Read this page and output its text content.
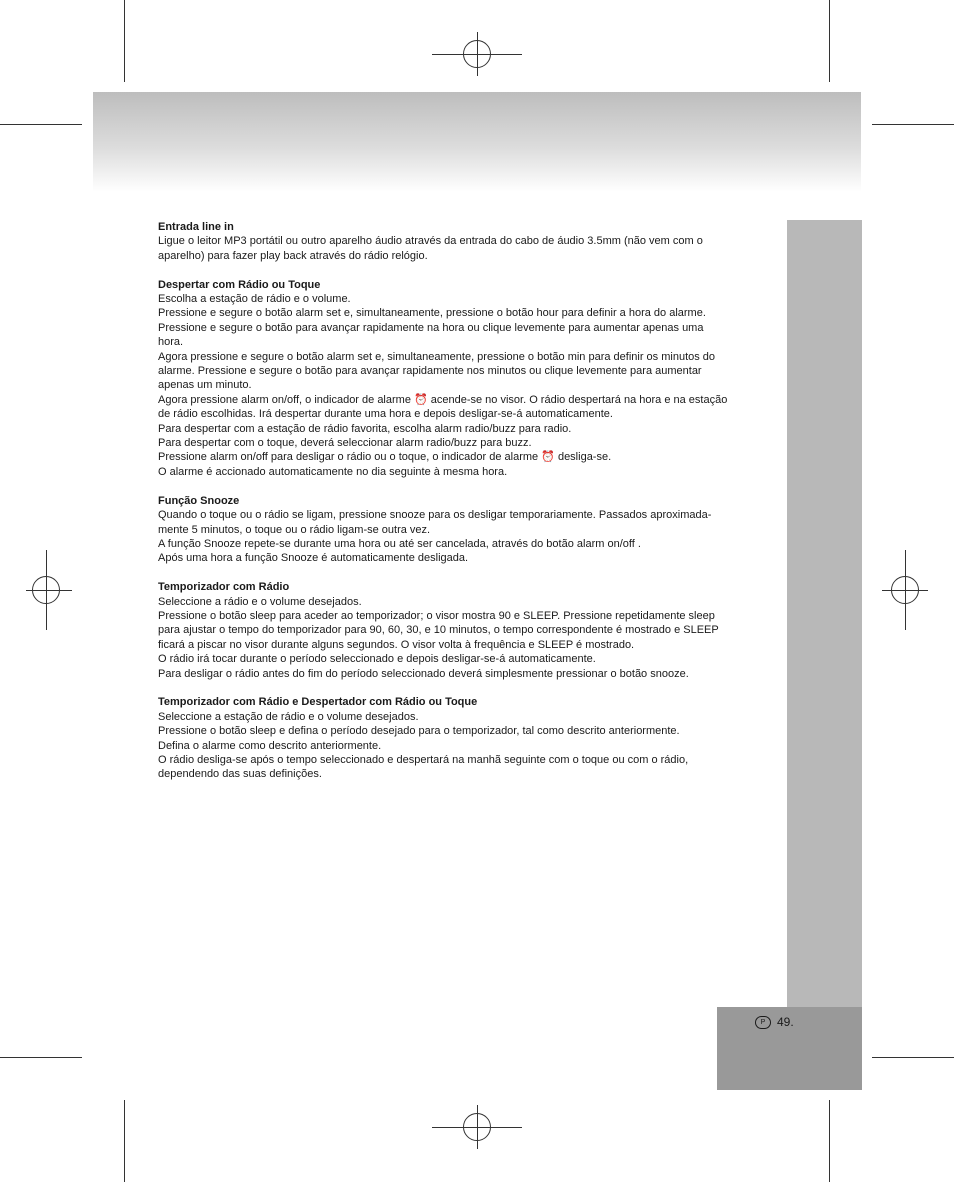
Entrada line in

Ligue o leitor MP3 portátil ou outro aparelho áudio através da entrada do cabo de áudio 3.5mm (não vem com o

aparelho) para fazer play back através do rádio relógio.

Despertar com Rádio ou Toque

Escolha a estação de rádio e o volume.

Pressione e segure o botão alarm set e, simultaneamente, pressione o botão hour para definir a hora do alarme.

Pressione e segure o botão para avançar rapidamente na hora ou clique levemente para aumentar apenas uma

hora.

Agora pressione e segure o botão alarm set e, simultaneamente, pressione o botão min para definir os minutos do

alarme. Pressione e segure o botão para avançar rapidamente nos minutos ou clique levemente para aumentar

apenas um minuto.

Agora pressione alarm on/off, o indicador de alarme ⏰ acende-se no visor. O rádio despertará na hora e na estação

de rádio escolhidas. Irá despertar durante uma hora e depois desligar-se-á automaticamente.

Para despertar com a estação de rádio favorita, escolha alarm radio/buzz para radio.

Para despertar com o toque, deverá seleccionar alarm radio/buzz para buzz.

Pressione alarm on/off para desligar o rádio ou o toque, o indicador de alarme ⏰ desliga-se.

O alarme é accionado automaticamente no dia seguinte à mesma hora.

Função Snooze

Quando o toque ou o rádio se ligam, pressione snooze para os desligar temporariamente. Passados aproximada-

mente 5 minutos, o toque ou o rádio ligam-se outra vez.

A função Snooze repete-se durante uma hora ou até ser cancelada, através do botão alarm on/off .

Após uma hora a função Snooze é automaticamente desligada.

Temporizador com Rádio

Seleccione a rádio e o volume desejados.

Pressione o botão sleep para aceder ao temporizador; o visor mostra 90 e SLEEP. Pressione repetidamente sleep

para ajustar o tempo do temporizador para 90, 60, 30, e 10 minutos, o tempo correspondente é mostrado e SLEEP

ficará a piscar no visor durante alguns segundos. O visor volta à frequência e SLEEP é mostrado.

O rádio irá tocar durante o período seleccionado e depois desligar-se-á automaticamente.

Para desligar o rádio antes do fim do período seleccionado deverá simplesmente pressionar o botão snooze.

Temporizador com Rádio e Despertador com Rádio ou Toque

Seleccione a estação de rádio e o volume desejados.

Pressione o botão sleep e defina o período desejado para o temporizador, tal como descrito anteriormente.

Defina o alarme como descrito anteriormente.

O rádio desliga-se após o tempo seleccionado e despertará na manhã seguinte com o toque ou com o rádio,

dependendo das suas definições.

P 49.
